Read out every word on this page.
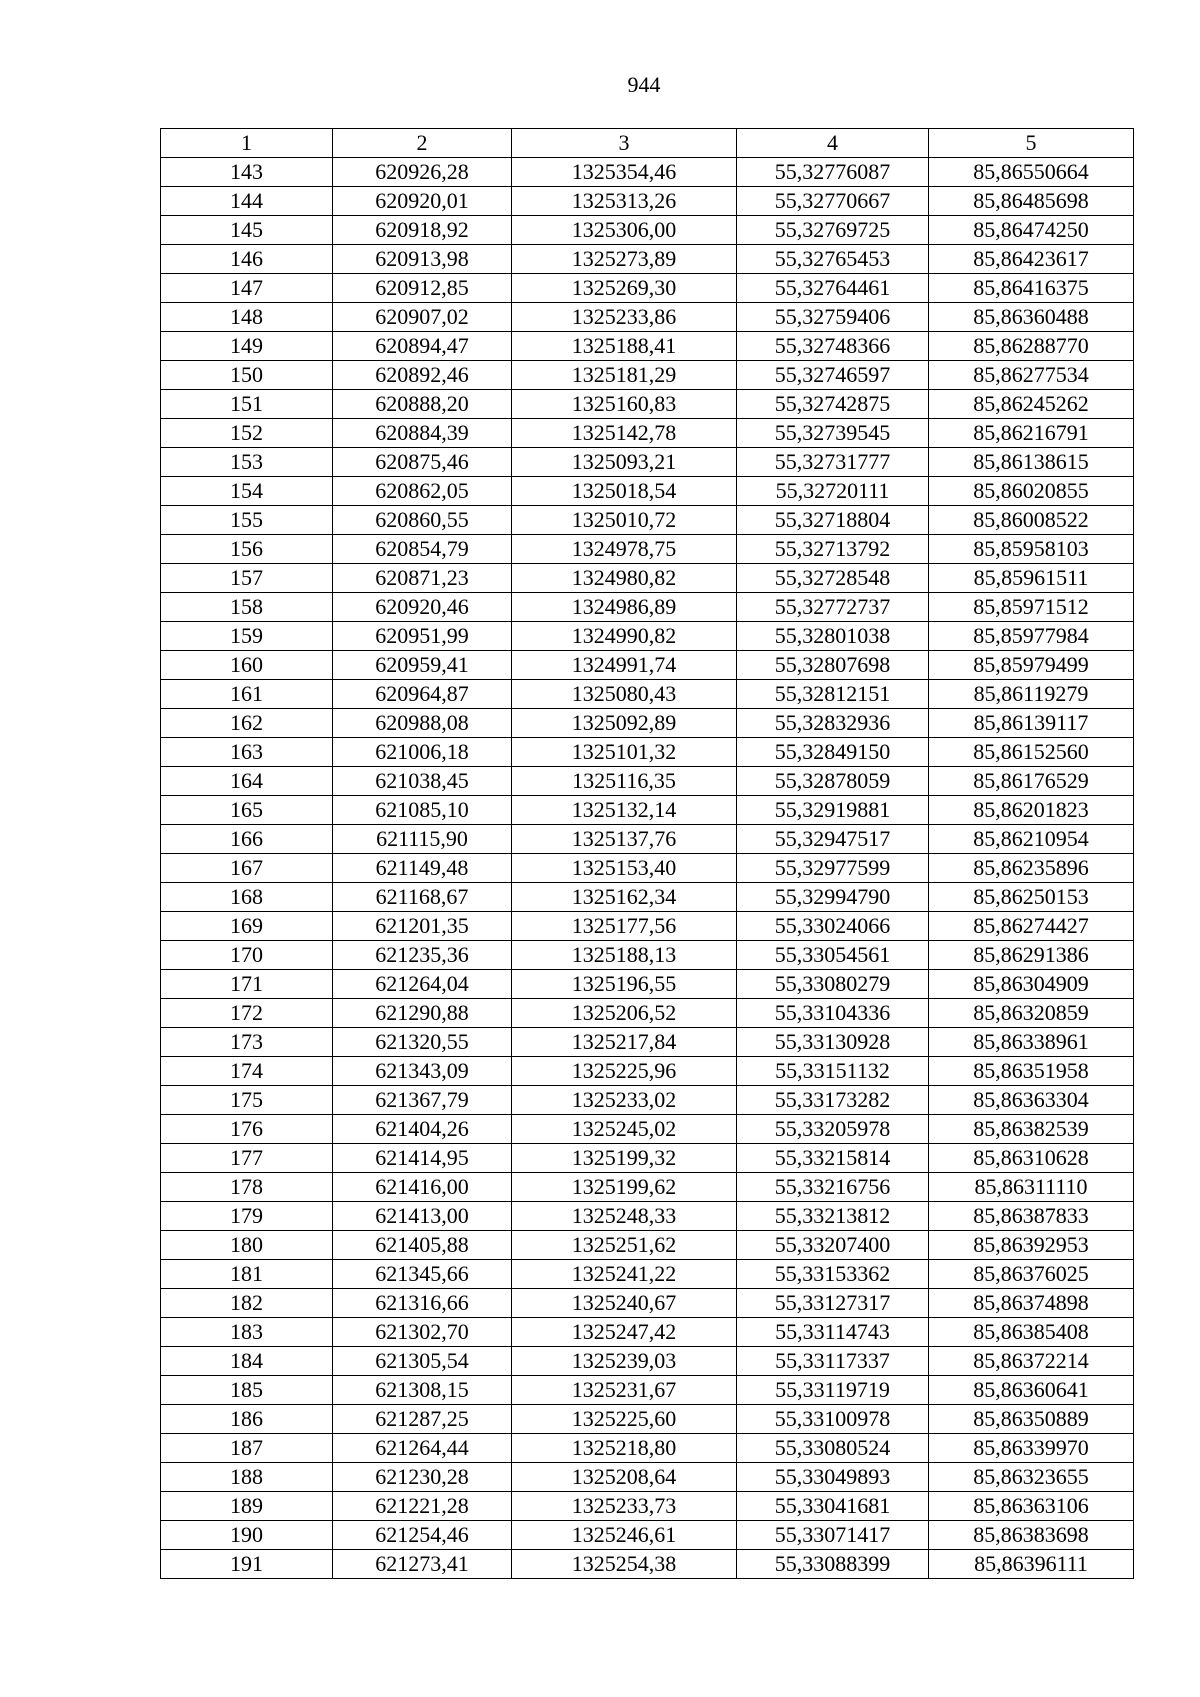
944
1	2	3	4	5
143	620926,28	1325354,46	55,32776087	85,86550664
144	620920,01	1325313,26	55,32770667	85,86485698
145	620918,92	1325306,00	55,32769725	85,86474250
146	620913,98	1325273,89	55,32765453	85,86423617
147	620912,85	1325269,30	55,32764461	85,86416375
148	620907,02	1325233,86	55,32759406	85,86360488
149	620894,47	1325188,41	55,32748366	85,86288770
150	620892,46	1325181,29	55,32746597	85,86277534
151	620888,20	1325160,83	55,32742875	85,86245262
152	620884,39	1325142,78	55,32739545	85,86216791
153	620875,46	1325093,21	55,32731777	85,86138615
154	620862,05	1325018,54	55,32720111	85,86020855
155	620860,55	1325010,72	55,32718804	85,86008522
156	620854,79	1324978,75	55,32713792	85,85958103
157	620871,23	1324980,82	55,32728548	85,85961511
158	620920,46	1324986,89	55,32772737	85,85971512
159	620951,99	1324990,82	55,32801038	85,85977984
160	620959,41	1324991,74	55,32807698	85,85979499
161	620964,87	1325080,43	55,32812151	85,86119279
162	620988,08	1325092,89	55,32832936	85,86139117
163	621006,18	1325101,32	55,32849150	85,86152560
164	621038,45	1325116,35	55,32878059	85,86176529
165	621085,10	1325132,14	55,32919881	85,86201823
166	621115,90	1325137,76	55,32947517	85,86210954
167	621149,48	1325153,40	55,32977599	85,86235896
168	621168,67	1325162,34	55,32994790	85,86250153
169	621201,35	1325177,56	55,33024066	85,86274427
170	621235,36	1325188,13	55,33054561	85,86291386
171	621264,04	1325196,55	55,33080279	85,86304909
172	621290,88	1325206,52	55,33104336	85,86320859
173	621320,55	1325217,84	55,33130928	85,86338961
174	621343,09	1325225,96	55,33151132	85,86351958
175	621367,79	1325233,02	55,33173282	85,86363304
176	621404,26	1325245,02	55,33205978	85,86382539
177	621414,95	1325199,32	55,33215814	85,86310628
178	621416,00	1325199,62	55,33216756	85,86311110
179	621413,00	1325248,33	55,33213812	85,86387833
180	621405,88	1325251,62	55,33207400	85,86392953
181	621345,66	1325241,22	55,33153362	85,86376025
182	621316,66	1325240,67	55,33127317	85,86374898
183	621302,70	1325247,42	55,33114743	85,86385408
184	621305,54	1325239,03	55,33117337	85,86372214
185	621308,15	1325231,67	55,33119719	85,86360641
186	621287,25	1325225,60	55,33100978	85,86350889
187	621264,44	1325218,80	55,33080524	85,86339970
188	621230,28	1325208,64	55,33049893	85,86323655
189	621221,28	1325233,73	55,33041681	85,86363106
190	621254,46	1325246,61	55,33071417	85,86383698
191	621273,41	1325254,38	55,33088399	85,86396111
